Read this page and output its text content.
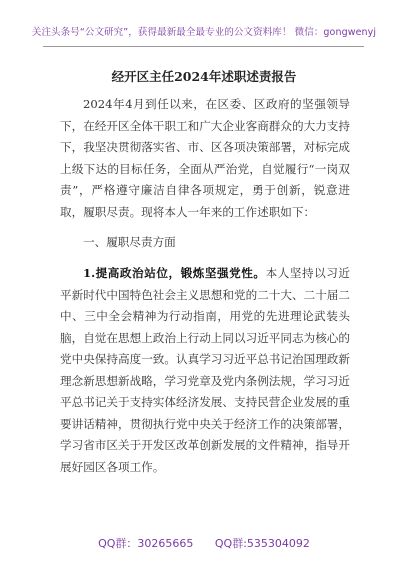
关注头条号“公文研究”，获得最新最全最专业的公文资料库！ 微信：gongwenyj
经开区主任2024年述职述责报告

2024年4月到任以来，在区委、区政府的坚强领导下，在经开区全体干职工和广大企业客商群众的大力支持下，我坚决贯彻落实省、市、区各项决策部署，对标完成上级下达的目标任务，全面从严治党，自觉履行“一岗双责”，严格遵守廉洁自律各项规定，勇于创新，锐意进取，履职尽责。现将本人一年来的工作述职如下：

一、履职尽责方面

1.提高政治站位，锻炼坚强党性。本人坚持以习近平新时代中国特色社会主义思想和党的二十大、二十届二中、三中全会精神为行动指南，用党的先进理论武装头脑，自觉在思想上政治上行动上同以习近平同志为核心的党中央保持高度一致。认真学习习近平总书记治国理政新理念新思想新战略，学习党章及党内条例法规，学习习近平总书记关于支持实体经济发展、支持民营企业发展的重要讲话精神，贯彻执行党中央关于经济工作的决策部署，学习省市区关于开发区改革创新发展的文件精神，指导开展好园区各项工作。

QQ群：30265665 QQ群:535304092
